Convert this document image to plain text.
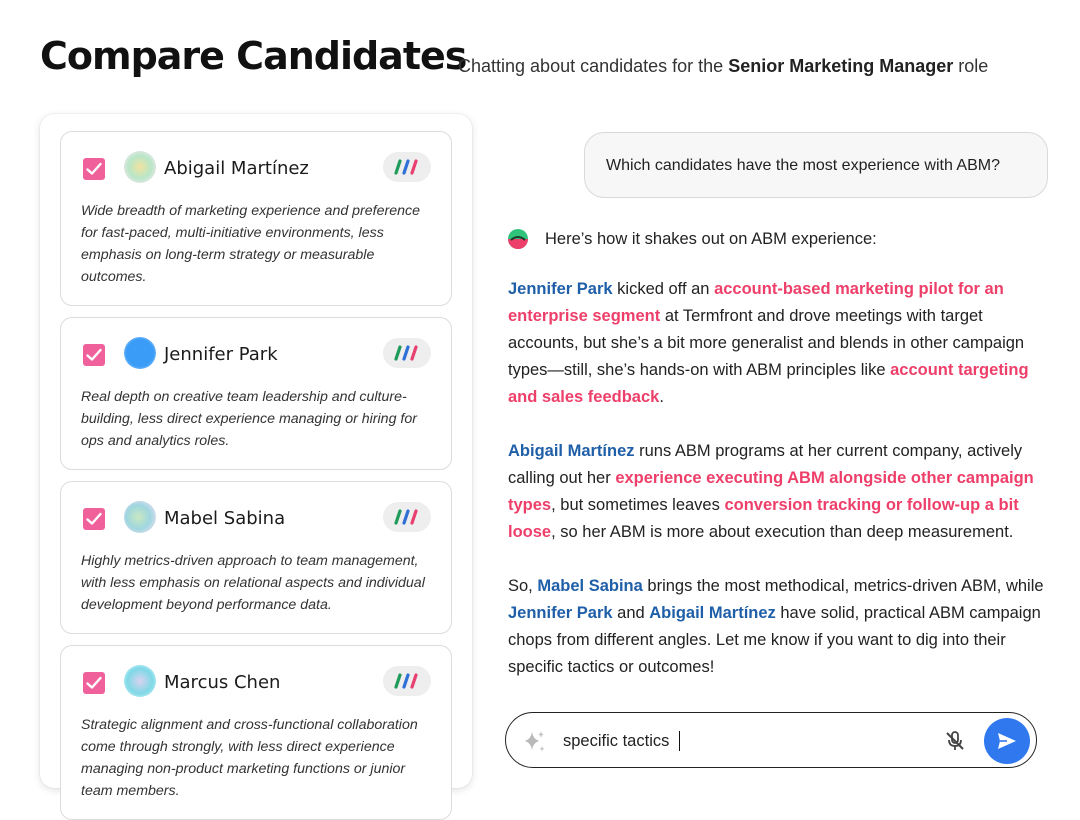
Compare Candidates
Chatting about candidates for the Senior Marketing Manager role
Abigail Martínez
Wide breadth of marketing experience and preference for fast-paced, multi-initiative environments, less emphasis on long-term strategy or measurable outcomes.
Jennifer Park
Real depth on creative team leadership and culture-building, less direct experience managing or hiring for ops and analytics roles.
Mabel Sabina
Highly metrics-driven approach to team management, with less emphasis on relational aspects and individual development beyond performance data.
Marcus Chen
Strategic alignment and cross-functional collaboration come through strongly, with less direct experience managing non-product marketing functions or junior team members.
Which candidates have the most experience with ABM?
Here’s how it shakes out on ABM experience:

Jennifer Park kicked off an account-based marketing pilot for an enterprise segment at Termfront and drove meetings with target accounts, but she’s a bit more generalist and blends in other campaign types—still, she’s hands-on with ABM principles like account targeting and sales feedback.

Abigail Martínez runs ABM programs at her current company, actively calling out her experience executing ABM alongside other campaign types, but sometimes leaves conversion tracking or follow-up a bit loose, so her ABM is more about execution than deep measurement.

So, Mabel Sabina brings the most methodical, metrics-driven ABM, while Jennifer Park and Abigail Martínez have solid, practical ABM campaign chops from different angles. Let me know if you want to dig into their specific tactics or outcomes!

specific tactics
